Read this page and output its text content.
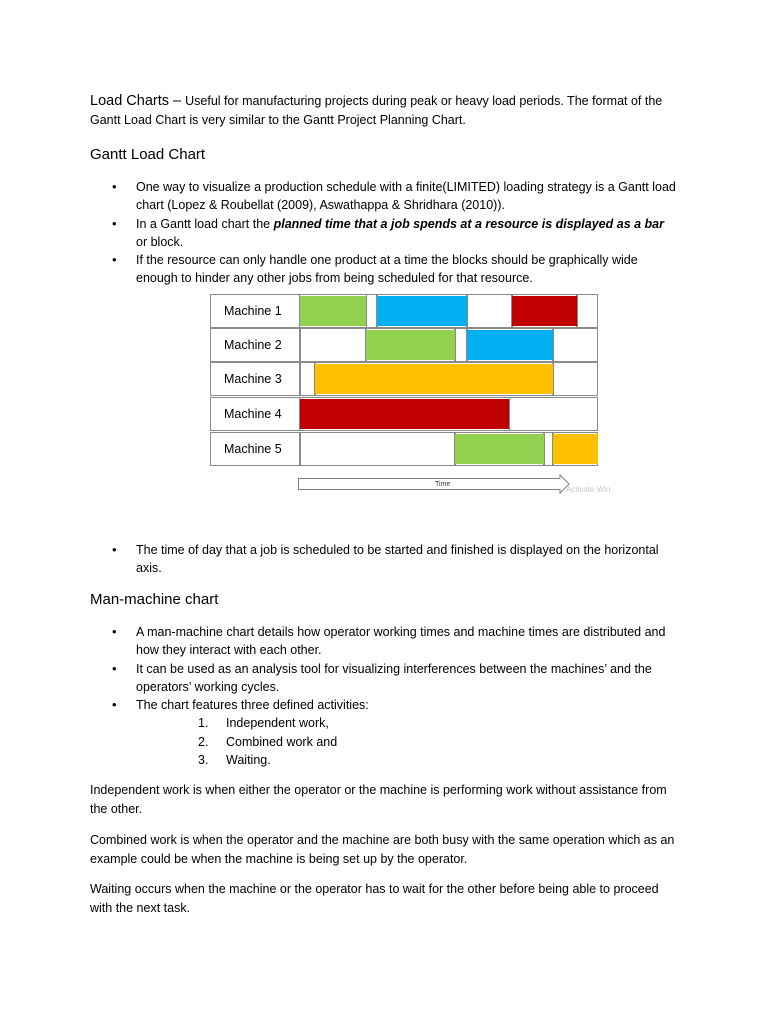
Load Charts – Useful for manufacturing projects during peak or heavy load periods. The format of the Gantt Load Chart is very similar to the Gantt Project Planning Chart.
Gantt Load Chart
• One way to visualize a production schedule with a finite(LIMITED) loading strategy is a Gantt load chart (Lopez & Roubellat (2009), Aswathappa & Shridhara (2010)).
• In a Gantt load chart the planned time that a job spends at a resource is displayed as a bar or block.
• If the resource can only handle one product at a time the blocks should be graphically wide enough to hinder any other jobs from being scheduled for that resource.
Machine 1
Machine 2
Machine 3
Machine 4
Machine 5
Time
Activate Win
• The time of day that a job is scheduled to be started and finished is displayed on the horizontal axis.
Man-machine chart
• A man-machine chart details how operator working times and machine times are distributed and how they interact with each other.
• It can be used as an analysis tool for visualizing interferences between the machines’ and the operators’ working cycles.
• The chart features three defined activities:
1. Independent work,
2. Combined work and
3. Waiting.

Independent work is when either the operator or the machine is performing work without assistance from the other.

Combined work is when the operator and the machine are both busy with the same operation which as an example could be when the machine is being set up by the operator.

Waiting occurs when the machine or the operator has to wait for the other before being able to proceed with the next task.
